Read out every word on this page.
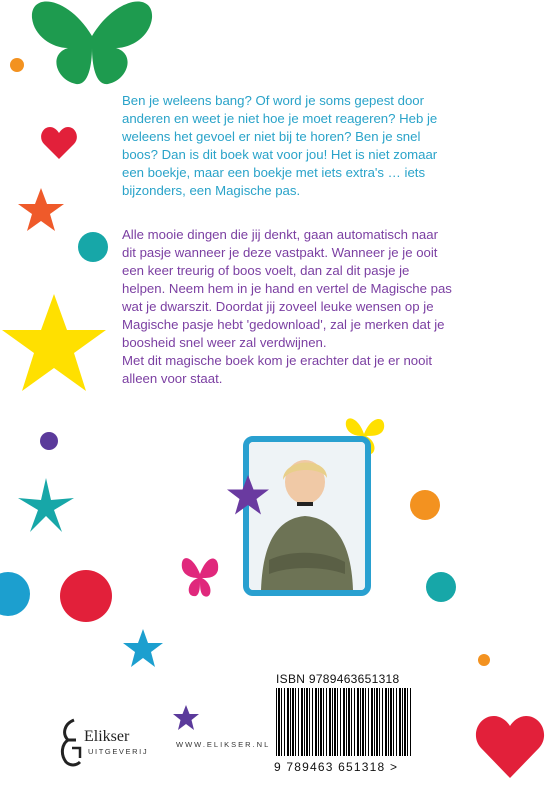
Ben je weleens bang? Of word je soms gepest door anderen en weet je niet hoe je moet reageren? Heb je weleens het gevoel er niet bij te horen? Ben je snel boos? Dan is dit boek wat voor jou! Het is niet zomaar een boekje, maar een boekje met iets extra's … iets bijzonders, een Magische pas.

Alle mooie dingen die jij denkt, gaan automatisch naar dit pasje wanneer je deze vastpakt. Wanneer je je ooit een keer treurig of boos voelt, dan zal dit pasje je helpen. Neem hem in je hand en vertel de Magische pas wat je dwarszit. Doordat jij zoveel leuke wensen op je Magische pasje hebt 'gedownload', zal je merken dat je boosheid snel weer zal verdwijnen.

Met dit magische boek kom je erachter dat je er nooit alleen voor staat.

ISBN 9789463651318
9 789463 651318 >
Elikser
UITGEVERIJ
WWW.ELIKSER.NL
